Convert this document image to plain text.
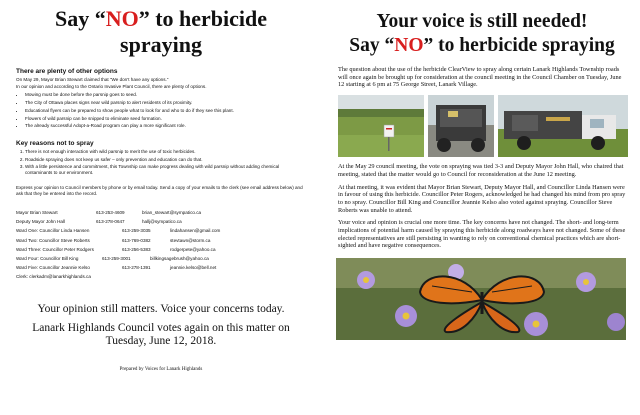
Say “NO” to herbicide spraying
There are plenty of other options

On May 29, Mayor Brian Stewart claimed that “We don’t have any options.”

In our opinion and according to the Ontario Invasive Plant Council, there are plenty of options.

• Mowing must be done before the parsnip goes to seed.
• The City of Ottawa places signs near wild parsnip to alert residents of its proximity.
• Educational flyers can be prepared to show people what to look for and who to do if they see this plant.
• Flowers of wild parsnip can be snipped to eliminate seed formation.
• The already successful Adopt-a-Road program can play a more significant role.
Key reasons not to spray
1. There is not enough interaction with wild parsnip to merit the use of toxic herbicides.
2. Roadside spraying does not keep us safer – only prevention and education can do that.
3. With a little persistence and commitment, this Township can make progress dealing with wild parsnip without adding chemical contaminants to our environment.

Express your opinion to Council members by phone or by email today. Send a copy of your emails to the clerk (see email address below) and ask that they be entered into the record.

Mayor Brian Stewart	613-253-4609	brian_stewart@sympatico.ca
Deputy Mayor John Hall	613-278-0647	hallj@sympatico.ca
Ward One: Councillor Linda Hansen	613-259-3035	lindahansen@gmail.com
Ward Two: Councillor Steve Roberts	613-769-0382	stevtawn@storm.ca
Ward Three: Councillor Peter Rodgers	613-256-5383	rodgerpete@yahoo.ca
Ward Four: Councillor Bill King	613-259-3001	billkingsagebrush@yahoo.ca
Ward Five: Councillor Jeannie Kelso	613-278-1391	jeannie.kelso@bell.net
Clerk: clerkadm@lanarkhighlands.ca

Your opinion still matters. Voice your concerns today.

Lanark Highlands Council votes again on this matter on Tuesday, June 12, 2018.

Prepared by Voices for Lanark Highlands
Your voice is still needed!
Say “NO” to herbicide spraying

The question about the use of the herbicide ClearView to spray along certain Lanark Highlands Township roads will once again be brought up for consideration at the council meeting in the Council Chamber on Tuesday, June 12 starting at 6 pm at 75 George Street, Lanark Village.

At the May 29 council meeting, the vote on spraying was tied 3-3 and Deputy Mayor John Hall, who chaired that meeting, stated that the matter would go to Council for reconsideration at the June 12 meeting.

At that meeting, it was evident that Mayor Brian Stewart, Deputy Mayor Hall, and Councillor Linda Hansen were in favour of using this herbicide. Councillor Peter Rogers, acknowledged he had changed his mind from pro spray to no spray. Councillor Bill King and Councillor Jeannie Kelso also voted against spraying. Councillor Steve Roberts was unable to attend.

Your voice and opinion is crucial one more time. The key concerns have not changed. The short- and long-term implications of potential harm caused by spraying this herbicide along roadways have not changed. Some of these elected representatives are still persisting in wanting to rely on conventional chemical practices which are short-sighted and have negative consequences.
